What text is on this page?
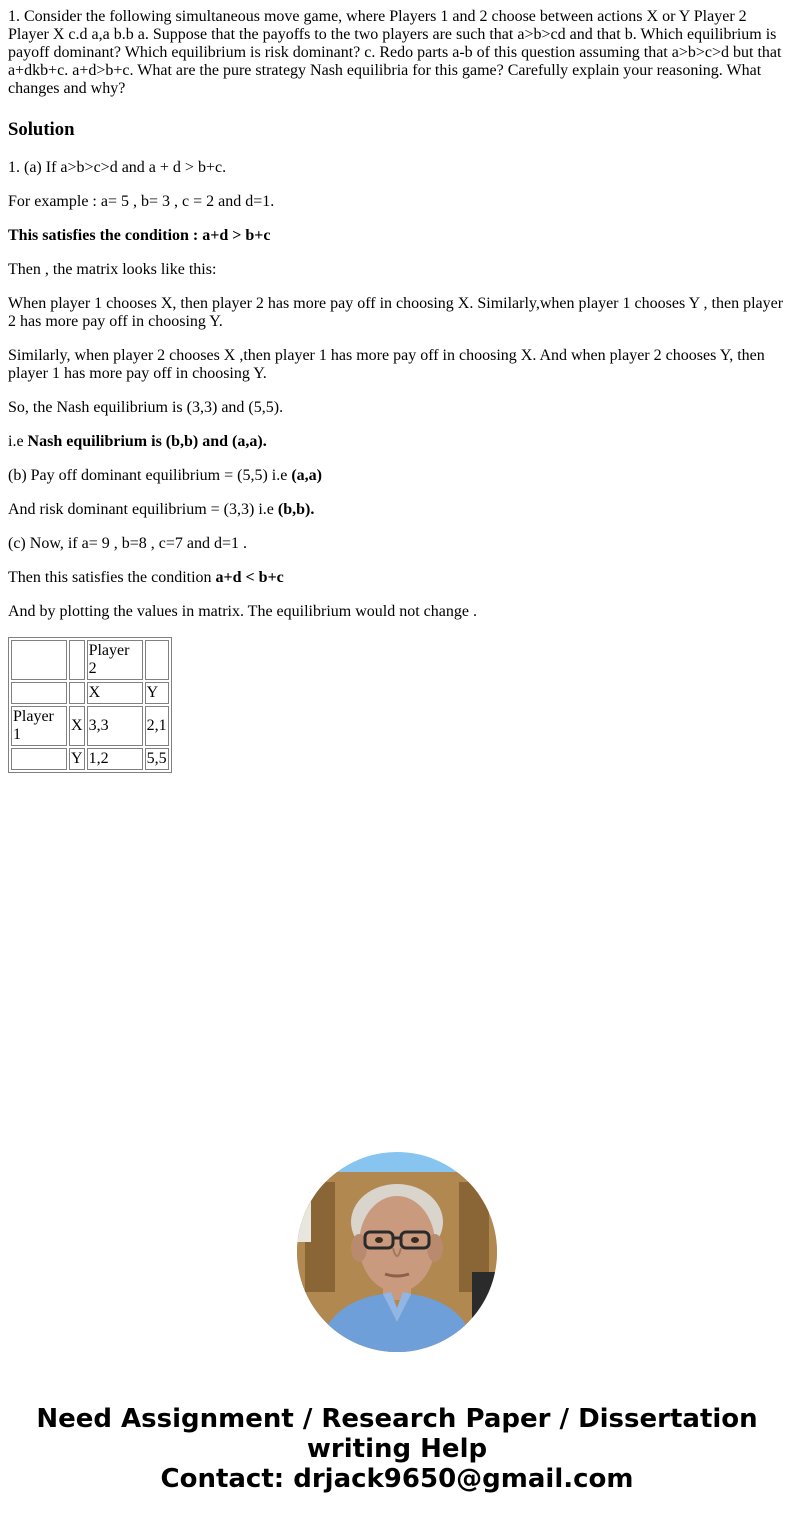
1. Consider the following simultaneous move game, where Players 1 and 2 choose between actions X or Y Player 2 Player X c.d a,a b.b a. Suppose that the payoffs to the two players are such that a>b>cd and that b. Which equilibrium is payoff dominant? Which equilibrium is risk dominant? c. Redo parts a-b of this question assuming that a>b>c>d but that a+dkb+c. a+d>b+c. What are the pure strategy Nash equilibria for this game? Carefully explain your reasoning. What changes and why?
Solution

1. (a) If a>b>c>d and a + d > b+c.

For example : a= 5 , b= 3 , c = 2 and d=1.

This satisfies the condition : a+d > b+c

Then , the matrix looks like this:

When player 1 chooses X, then player 2 has more pay off in choosing X. Similarly,when player 1 chooses Y , then player 2 has more pay off in choosing Y.

Similarly, when player 2 chooses X ,then player 1 has more pay off in choosing X. And when player 2 chooses Y, then player 1 has more pay off in choosing Y.

So, the Nash equilibrium is (3,3) and (5,5).

i.e Nash equilibrium is (b,b) and (a,a).

(b) Pay off dominant equilibrium = (5,5) i.e (a,a)

And risk dominant equilibrium = (3,3) i.e (b,b).

(c) Now, if a= 9 , b=8 , c=7 and d=1 .

Then this satisfies the condition a+d < b+c

And by plotting the values in matrix. The equilibrium would not change .

		Player 2	
		X	Y
Player 1	X	3,3	2,1
	Y	1,2	5,5
Need Assignment / Research Paper / Dissertation writing Help
Contact: drjack9650@gmail.com
